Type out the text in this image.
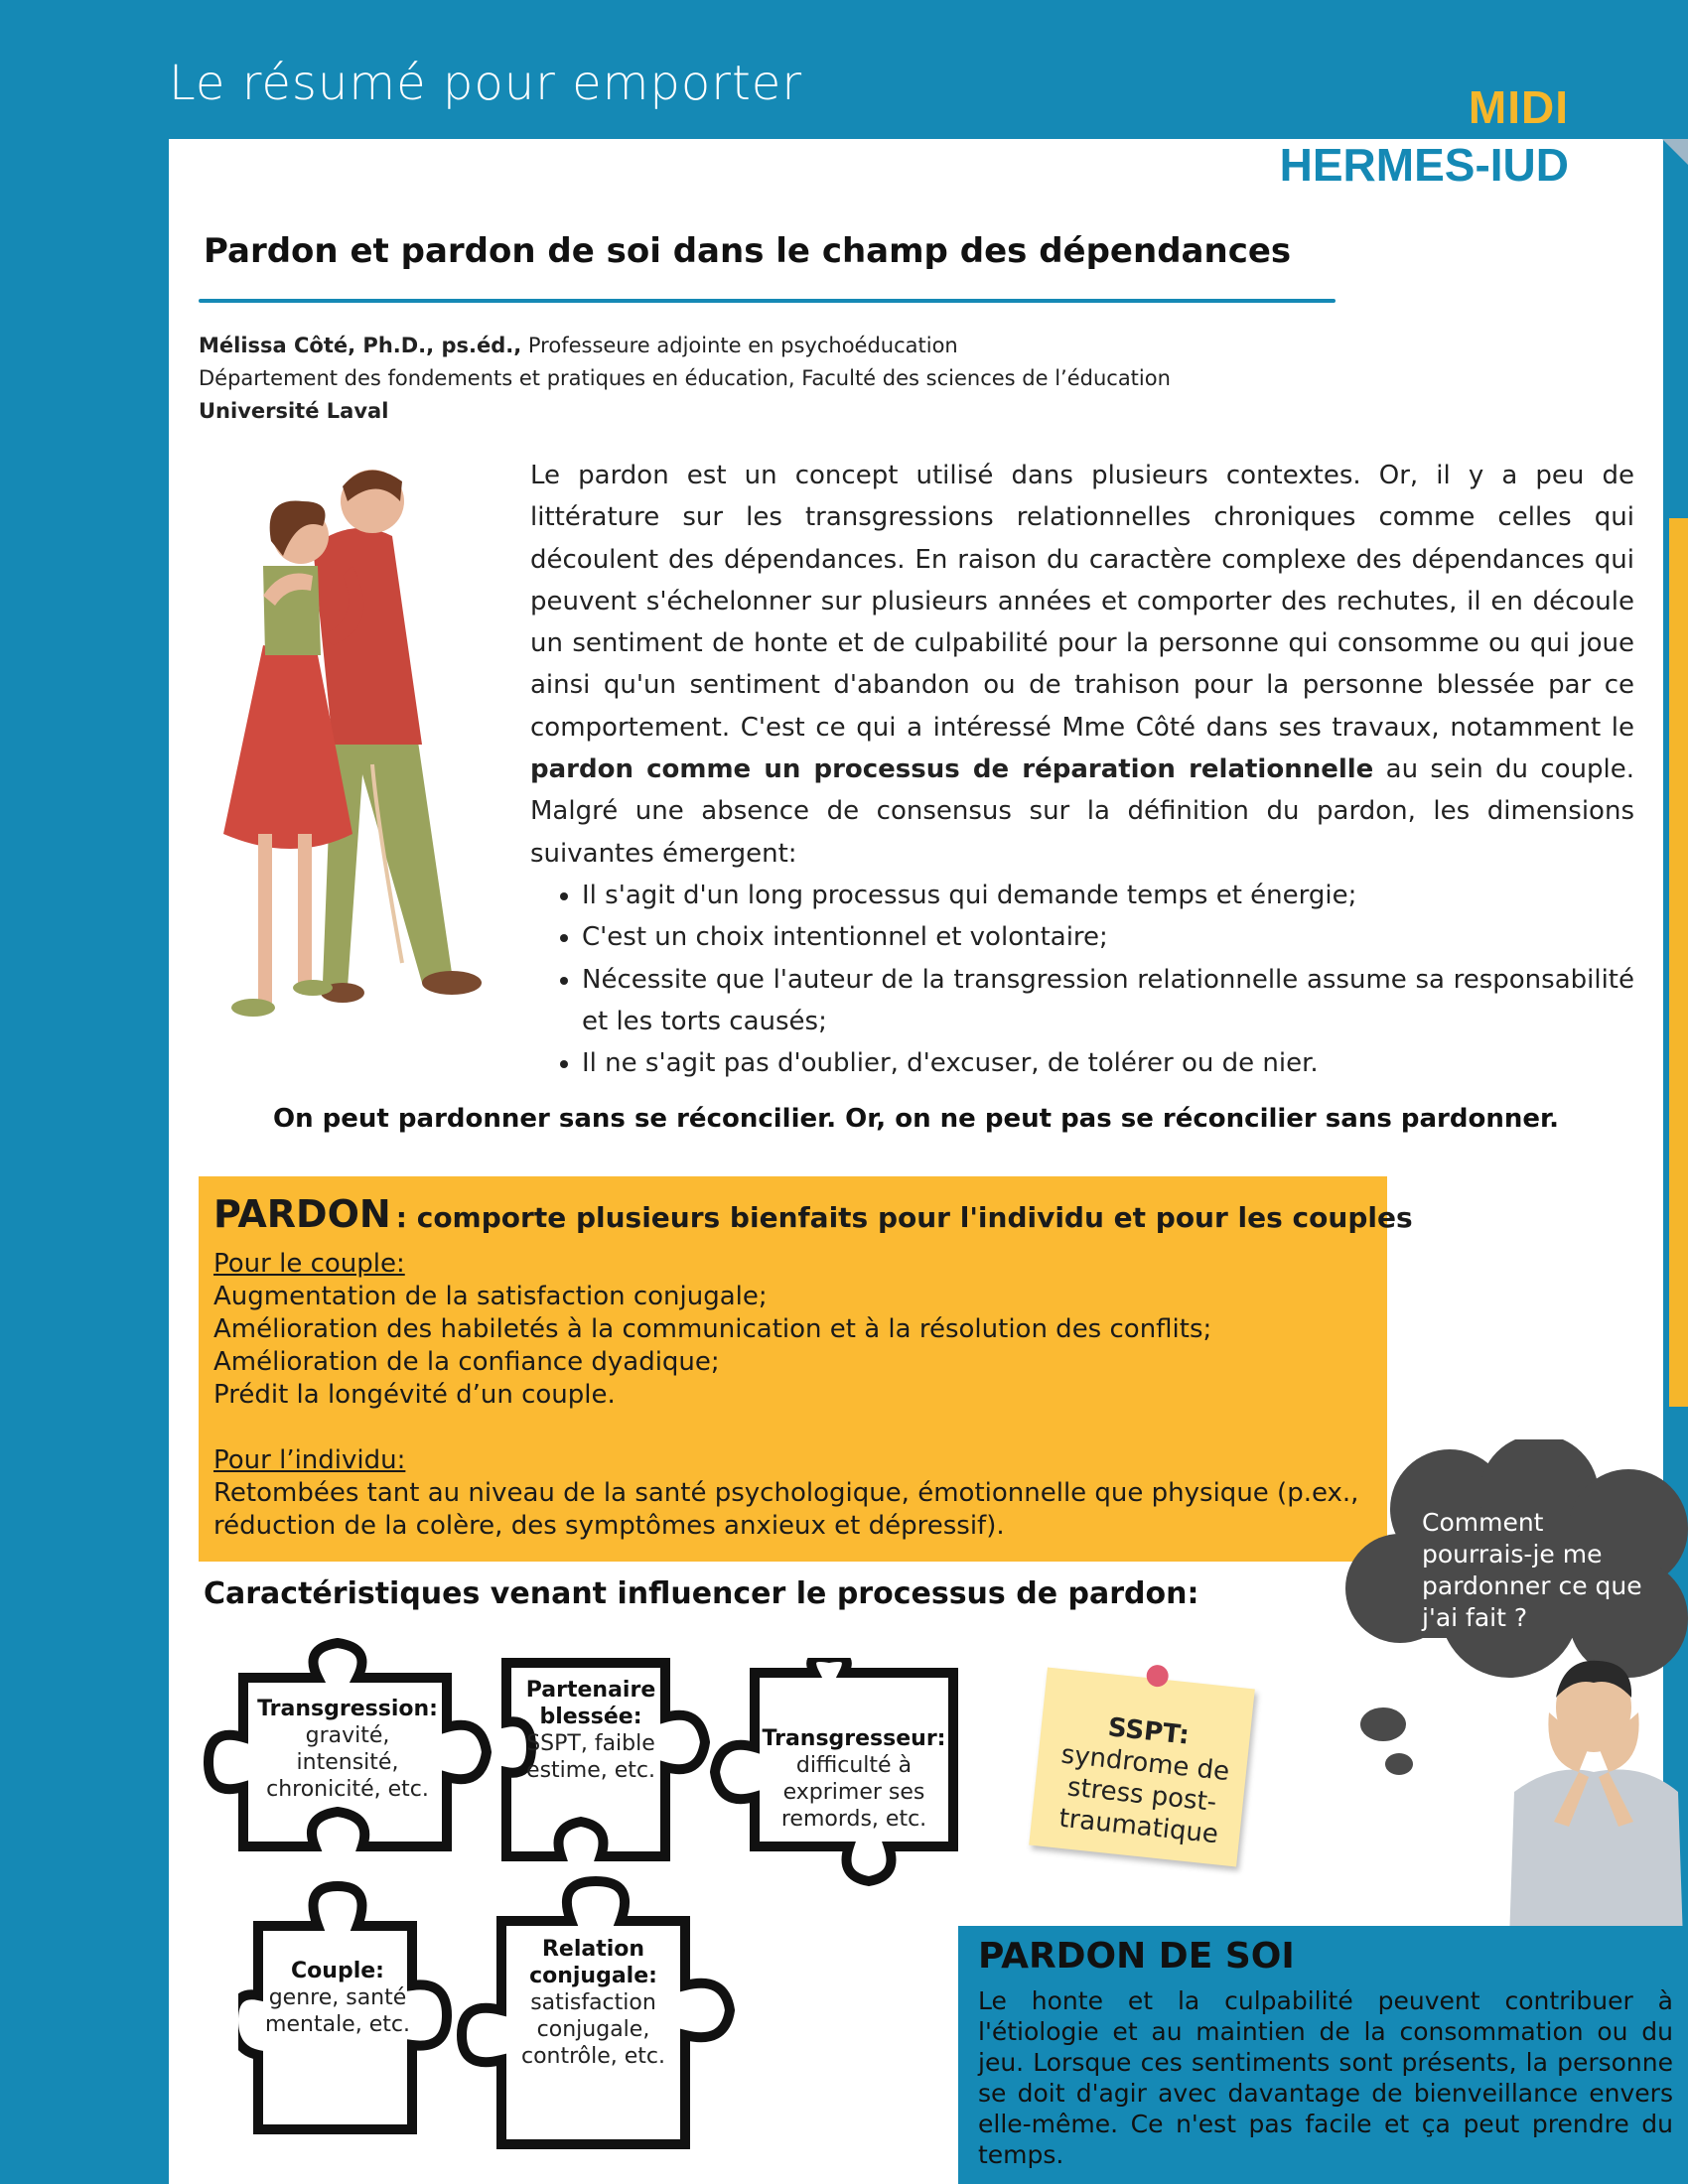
Le résumé pour emporter	MIDI
HERMES-IUD
Pardon et pardon de soi dans le champ des dépendances
Mélissa Côté, Ph.D., ps.éd., Professeure adjointe en psychoéducation
Département des fondements et pratiques en éducation, Faculté des sciences de l’éducation
Université Laval
Le pardon est un concept utilisé dans plusieurs contextes. Or, il y a peu de littérature sur les transgressions relationnelles chroniques comme celles qui découlent des dépendances. En raison du caractère complexe des dépendances qui peuvent s'échelonner sur plusieurs années et comporter des rechutes, il en découle un sentiment de honte et de culpabilité pour la personne qui consomme ou qui joue ainsi qu'un sentiment d'abandon ou de trahison pour la personne blessée par ce comportement. C'est ce qui a intéressé Mme Côté dans ses travaux, notamment le pardon comme un processus de réparation relationnelle au sein du couple. Malgré une absence de consensus sur la définition du pardon, les dimensions suivantes émergent:
• Il s'agit d'un long processus qui demande temps et énergie;
• C'est un choix intentionnel et volontaire;
• Nécessite que l'auteur de la transgression relationnelle assume sa responsabilité et les torts causés;
• Il ne s'agit pas d'oublier, d'excuser, de tolérer ou de nier.
On peut pardonner sans se réconcilier. Or, on ne peut pas se réconcilier sans pardonner.
PARDON : comporte plusieurs bienfaits pour l'individu et pour les couples
Pour le couple:
Augmentation de la satisfaction conjugale;
Amélioration des habiletés à la communication et à la résolution des conflits;
Amélioration de la confiance dyadique;
Prédit la longévité d’un couple.
Pour l’individu:
Retombées tant au niveau de la santé psychologique, émotionnelle que physique (p.ex., réduction de la colère, des symptômes anxieux et dépressif).
Caractéristiques venant influencer le processus de pardon:
Transgression:
gravité, intensité, chronicité, etc.
Partenaire blessée:
SSPT, faible estime, etc.
Transgresseur:
difficulté à exprimer ses remords, etc.
Couple:
genre, santé mentale, etc.
Relation conjugale:
satisfaction conjugale, contrôle, etc.
SSPT: syndrome de stress post-traumatique
Comment pourrais-je me pardonner ce que j'ai fait ?
PARDON DE SOI
Le honte et la culpabilité peuvent contribuer à l'étiologie et au maintien de la consommation ou du jeu. Lorsque ces sentiments sont présents, la personne se doit d'agir avec davantage de bienveillance envers elle-même. Ce n'est pas facile et ça peut prendre du temps.
